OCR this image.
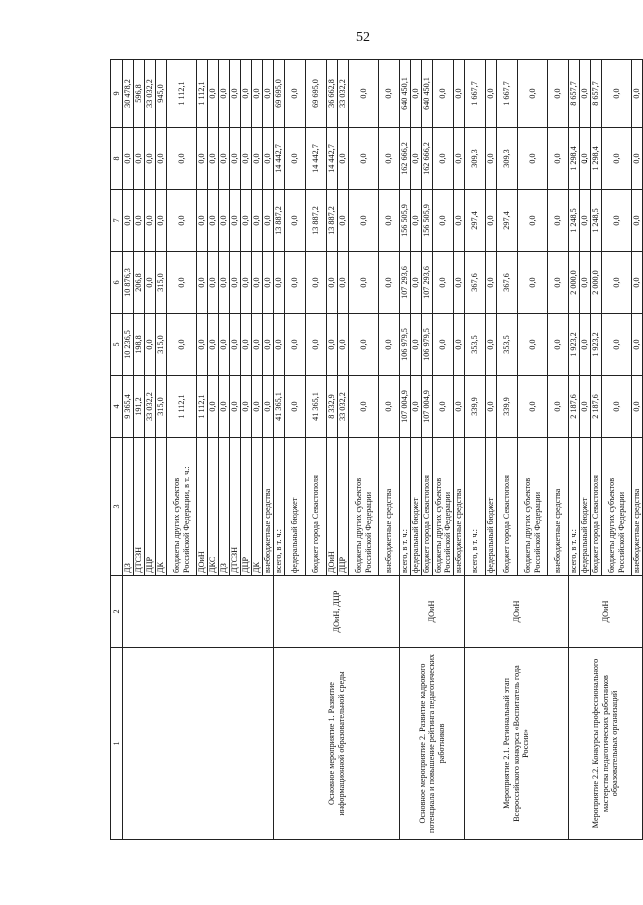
52
1	2	3	4	5	6	7	8	9
		ДЗ	9 365,4	10 236,5	10 876,3	0,0	0,0	30 478,2
		ДТСЗН	191,2	198,8	206,8	0,0	0,0	596,8
		ДЦР	33 032,2	0,0	0,0	0,0	0,0	33 032,2
		ДК	315,0	315,0	315,0	0,0	0,0	945,0
		бюджеты других субъектов Российской Федерации, в т. ч.:	1 112,1	0,0	0,0	0,0	0,0	1 112,1
		ДОиН	1 112,1	0,0	0,0	0,0	0,0	1 112,1
		ДКС	0,0	0,0	0,0	0,0	0,0	0,0
		ДЗ	0,0	0,0	0,0	0,0	0,0	0,0
		ДТСЗН	0,0	0,0	0,0	0,0	0,0	0,0
		ДЦР	0,0	0,0	0,0	0,0	0,0	0,0
		ДК	0,0	0,0	0,0	0,0	0,0	0,0
		внебюджетные средства	0,0	0,0	0,0	0,0	0,0	0,0
Основное мероприятие 1. Развитие информационной образовательной среды	ДОиН, ДЦР	всего, в т. ч.:	41 365,1	0,0	0,0	13 887,2	14 442,7	69 695,0
		федеральный бюджет	0,0	0,0	0,0	0,0	0,0	0,0
		бюджет города Севастополя	41 365,1	0,0	0,0	13 887,2	14 442,7	69 695,0
		ДОиН	8 332,9	0,0	0,0	13 887,2	14 442,7	36 662,8
		ДЦР	33 032,2	0,0	0,0	0,0	0,0	33 032,2
		бюджеты других субъектов Российской Федерации	0,0	0,0	0,0	0,0	0,0	0,0
		внебюджетные средства	0,0	0,0	0,0	0,0	0,0	0,0
Основное мероприятие 2. Развитие кадрового потенциала и повышение рейтинга педагогических работников	ДОиН	всего, в т. ч.:	107 004,9	106 979,5	107 293,6	156 505,9	162 666,2	640 450,1
		федеральный бюджет	0,0	0,0	0,0	0,0	0,0	0,0
		бюджет города Севастополя	107 004,9	106 979,5	107 293,6	156 505,9	162 666,2	640 450,1
		бюджеты других субъектов Российской Федерации	0,0	0,0	0,0	0,0	0,0	0,0
		внебюджетные средства	0,0	0,0	0,0	0,0	0,0	0,0
Мероприятие 2.1. Региональный этап Всероссийского конкурса «Воспитатель года России»	ДОиН	всего, в т. ч.:	339,9	353,5	367,6	297,4	309,3	1 667,7
		федеральный бюджет	0,0	0,0	0,0	0,0	0,0	0,0
		бюджет города Севастополя	339,9	353,5	367,6	297,4	309,3	1 667,7
		бюджеты других субъектов Российской Федерации	0,0	0,0	0,0	0,0	0,0	0,0
		внебюджетные средства	0,0	0,0	0,0	0,0	0,0	0,0
Мероприятие 2.2. Конкурсы профессионального мастерства педагогических работников образовательных организаций	ДОиН	всего, в т. ч.:	2 187,6	1 923,2	2 000,0	1 248,5	1 298,4	8 657,7
		федеральный бюджет	0,0	0,0	0,0	0,0	0,0	0,0
		бюджет города Севастополя	2 187,6	1 923,2	2 000,0	1 248,5	1 298,4	8 657,7
		бюджеты других субъектов Российской Федерации	0,0	0,0	0,0	0,0	0,0	0,0
		внебюджетные средства	0,0	0,0	0,0	0,0	0,0	0,0
